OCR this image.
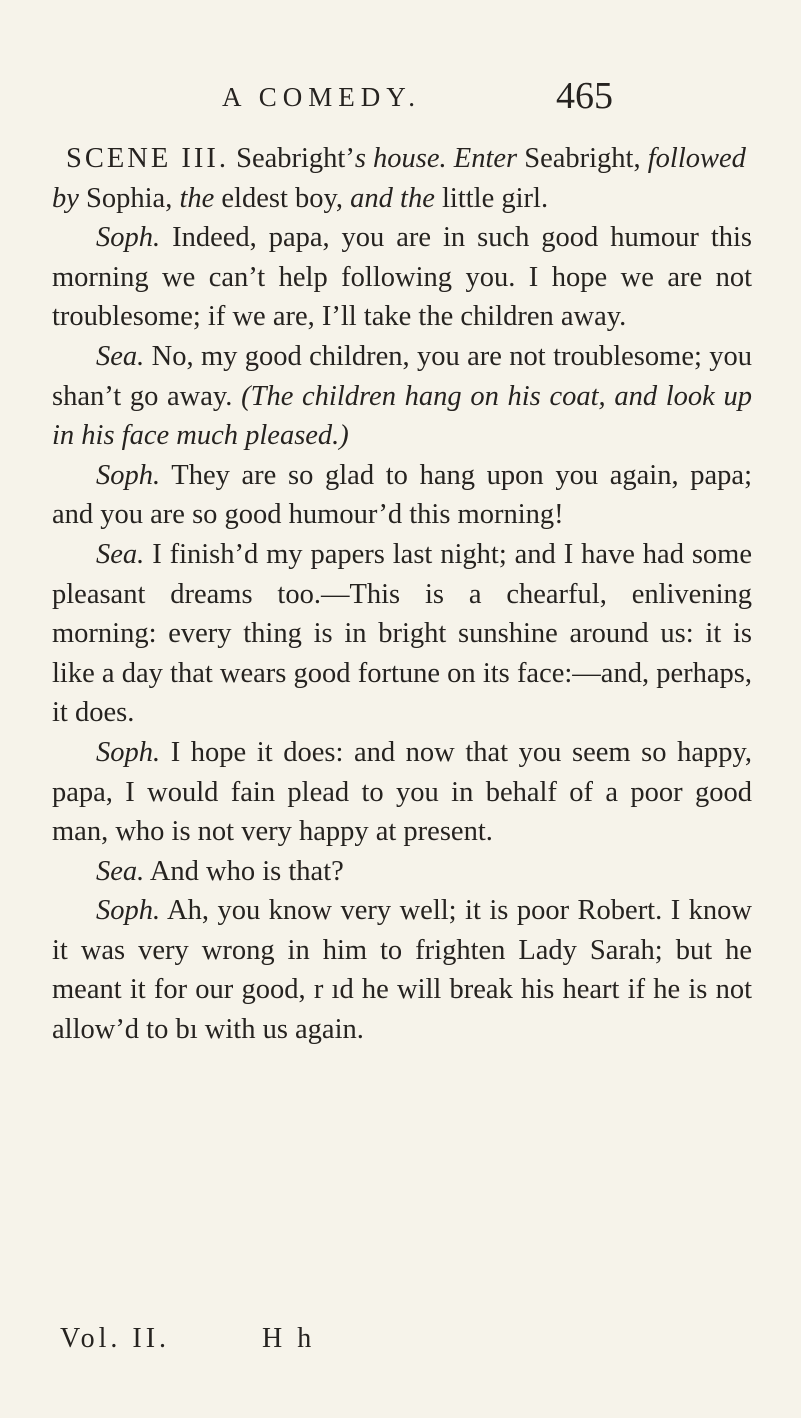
A COMEDY.	465

SCENE III. Seabright’s house. Enter Seabright, followed by Sophia, the eldest boy, and the little girl.

Soph. Indeed, papa, you are in such good humour this morning we can’t help following you. I hope we are not troublesome; if we are, I’ll take the children away.

Sea. No, my good children, you are not troublesome; you shan’t go away. (The children hang on his coat, and look up in his face much pleased.)

Soph. They are so glad to hang upon you again, papa; and you are so good humour’d this morning!

Sea. I finish’d my papers last night; and I have had some pleasant dreams too.—This is a chearful, enlivening morning: every thing is in bright sunshine around us: it is like a day that wears good fortune on its face:—and, perhaps, it does.

Soph. I hope it does: and now that you seem so happy, papa, I would fain plead to you in behalf of a poor good man, who is not very happy at present.

Sea. And who is that?

Soph. Ah, you know very well; it is poor Robert. I know it was very wrong in him to frighten Lady Sarah; but he meant it for our good, r ıd he will break his heart if he is not allow’d to bı with us again.

Vol. II.	H h
